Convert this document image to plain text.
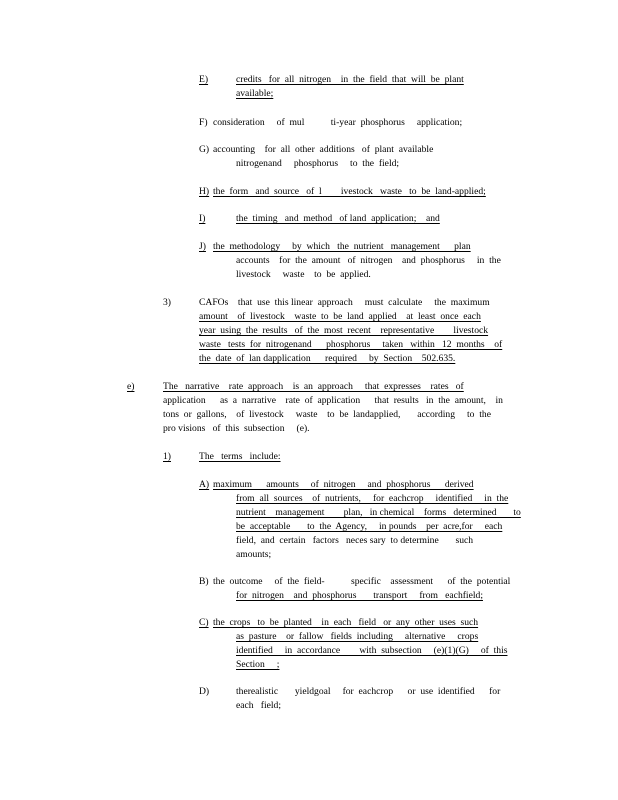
E)	credits   for  all  nitrogen    in  the  field  that  will  be  plant
available;
F) consideration     of  mul           ti-year  phosphorus     application;
G) accounting    for  all  other  additions   of  plant  available
nitrogenand     phosphorus     to  the  field;
H) the  form   and  source   of  l        ivestock   waste   to  be  land-applied;
I)	the  timing   and  method   of land  application;    and
J) the  methodology     by  which   the  nutrient   management      plan
accounts    for  the  amount   of  nitrogen    and  phosphorus     in  the
livestock     waste    to  be  applied.
3)	CAFOs    that  use  this linear  approach     must  calculate     the  maximum
amount    of  livestock    waste  to  be  land  applied    at  least  once  each
year  using  the  results   of  the  most  recent    representative        livestock
waste   tests  for  nitrogenand      phosphorus     taken   within   12  months    of
the  date  of  lan dapplication      required     by  Section    502.635.
e)	The   narrative    rate  approach    is  an  approach     that  expresses    rates   of
application      as  a  narrative    rate  of  application      that  results   in  the  amount,    in
tons  or  gallons,    of  livestock     waste    to  be  landapplied,       according     to  the
pro visions   of  this  subsection     (e).
1)	The   terms   include:
A) maximum      amounts     of  nitrogen     and  phosphorus      derived
from  all  sources    of  nutrients,     for  eachcrop     identified     in  the
nutrient    management        plan,   in chemical    forms   determined       to
be  acceptable       to  the  Agency,     in pounds    per  acre,for     each
field,  and  certain   factors   neces sary  to determine       such
amounts;
B) the  outcome     of  the  field-           specific    assessment      of  the  potential
for  nitrogen    and  phosphorus       transport     from   eachfield;
C) the  crops   to  be  planted    in  each   field   or  any  other  uses  such
as  pasture    or  fallow   fields  including     alternative     crops
identified     in  accordance        with  subsection     (e)(1)(G)     of  this
Section     ;
D)	therealistic       yieldgoal     for  eachcrop      or  use  identified      for
each   field;
